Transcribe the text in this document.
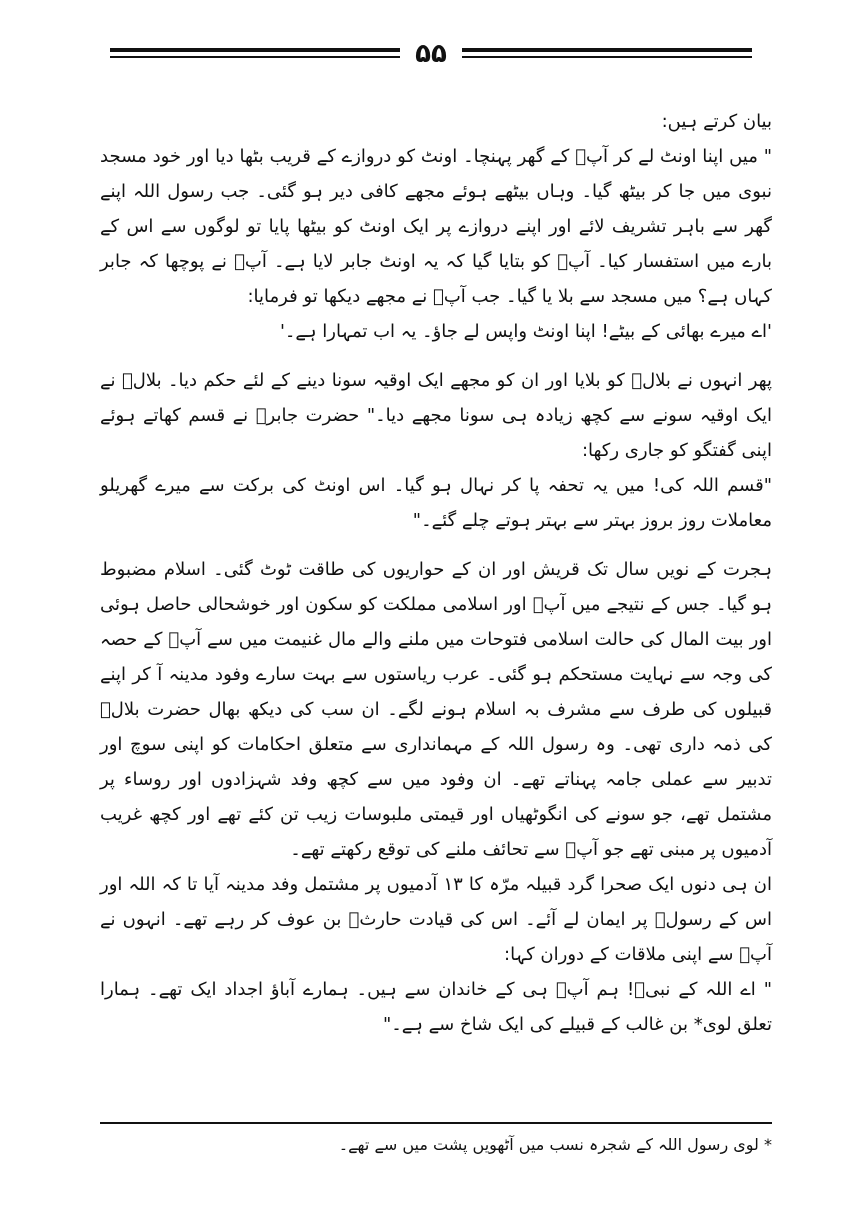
۵۵

بیان کرتے ہیں:

" میں اپنا اونٹ لے کر آپؐ کے گھر پہنچا۔ اونٹ کو دروازے کے قریب بٹھا دیا اور خود مسجد نبوی میں جا کر بیٹھ گیا۔ وہاں بیٹھے ہوئے مجھے کافی دیر ہو گئی۔ جب رسول اللہ اپنے گھر سے باہر تشریف لائے اور اپنے دروازے پر ایک اونٹ کو بیٹھا پایا تو لوگوں سے اس کے بارے میں استفسار کیا۔ آپؐ کو بتایا گیا کہ یہ اونٹ جابر لایا ہے۔ آپؐ نے پوچھا کہ جابر کہاں ہے؟ میں مسجد سے بلا یا گیا۔ جب آپؐ نے مجھے دیکھا تو فرمایا:

'اے میرے بھائی کے بیٹے! اپنا اونٹ واپس لے جاؤ۔ یہ اب تمہارا ہے۔'

پھر انہوں نے بلالؓ کو بلایا اور ان کو مجھے ایک اوقیہ سونا دینے کے لئے حکم دیا۔ بلالؓ نے ایک اوقیہ سونے سے کچھ زیادہ ہی سونا مجھے دیا۔" حضرت جابرؓ نے قسم کھاتے ہوئے اپنی گفتگو کو جاری رکھا:

"قسم اللہ کی! میں یہ تحفہ پا کر نہال ہو گیا۔ اس اونٹ کی برکت سے میرے گھریلو معاملات روز بروز بہتر سے بہتر ہوتے چلے گئے۔"

ہجرت کے نویں سال تک قریش اور ان کے حواریوں کی طاقت ٹوٹ گئی۔ اسلام مضبوط ہو گیا۔ جس کے نتیجے میں آپؐ اور اسلامی مملکت کو سکون اور خوشحالی حاصل ہوئی اور بیت المال کی حالت اسلامی فتوحات میں ملنے والے مال غنیمت میں سے آپؐ کے حصہ کی وجہ سے نہایت مستحکم ہو گئی۔ عرب ریاستوں سے بہت سارے وفود مدینہ آ کر اپنے قبیلوں کی طرف سے مشرف بہ اسلام ہونے لگے۔ ان سب کی دیکھ بھال حضرت بلالؓ کی ذمہ داری تھی۔ وہ رسول اللہ کے مہمانداری سے متعلق احکامات کو اپنی سوچ اور تدبیر سے عملی جامہ پہناتے تھے۔ ان وفود میں سے کچھ وفد شہزادوں اور روساء پر مشتمل تھے، جو سونے کی انگوٹھیاں اور قیمتی ملبوسات زیب تن کئے تھے اور کچھ غریب آدمیوں پر مبنی تھے جو آپؐ سے تحائف ملنے کی توقع رکھتے تھے۔

ان ہی دنوں ایک صحرا گرد قبیلہ مرّہ کا ۱۳ آدمیوں پر مشتمل وفد مدینہ آیا تا کہ اللہ اور اس کے رسولؐ پر ایمان لے آئے۔ اس کی قیادت حارثؓ بن عوف کر رہے تھے۔ انہوں نے آپؐ سے اپنی ملاقات کے دوران کہا:

" اے اللہ کے نبیؐ! ہم آپؐ ہی کے خاندان سے ہیں۔ ہمارے آباؤ اجداد ایک تھے۔ ہمارا تعلق لوی* بن غالب کے قبیلے کی ایک شاخ سے ہے۔"

* لوی رسول اللہ کے شجرہ نسب میں آٹھویں پشت میں سے تھے۔
